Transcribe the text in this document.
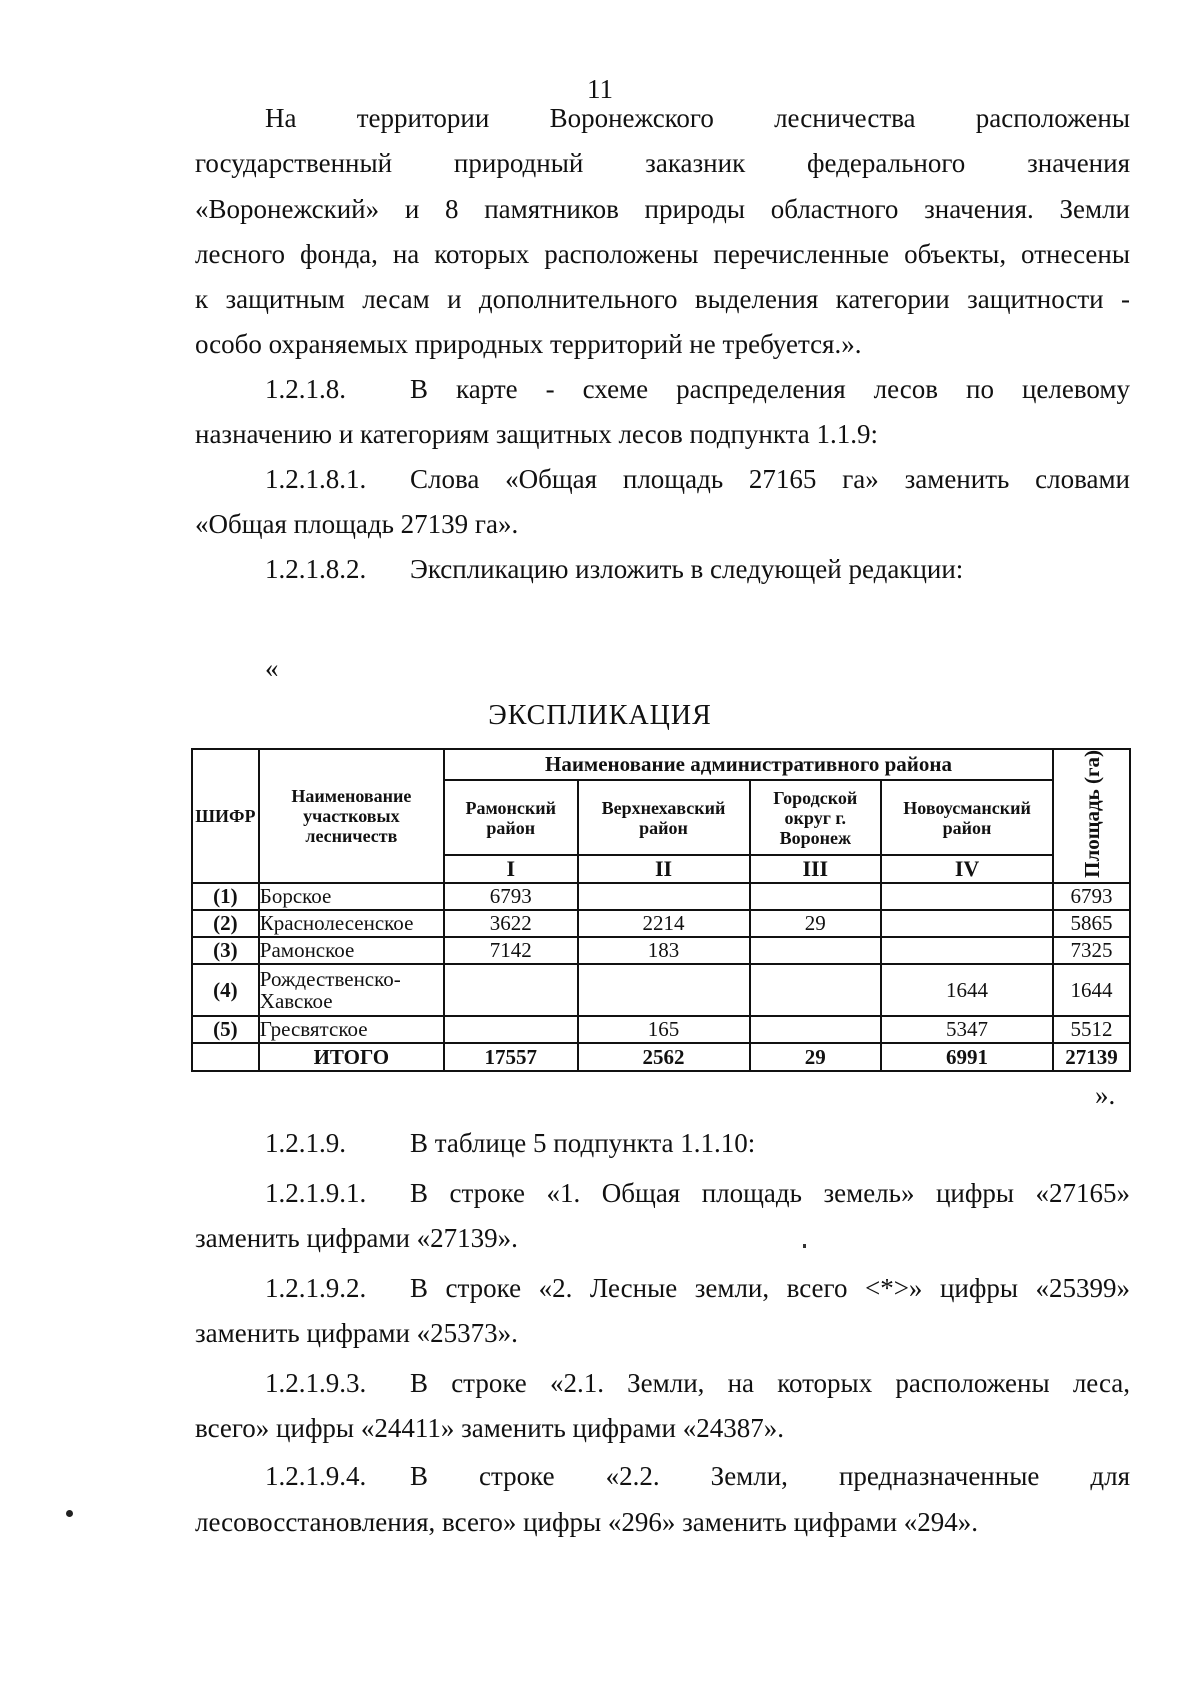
11
На территории Воронежского лесничества расположены
государственный природный заказник федерального значения
«Воронежский» и 8 памятников природы областного значения. Земли
лесного фонда, на которых расположены перечисленные объекты, отнесены
к защитным лесам и дополнительного выделения категории защитности -
особо охраняемых природных территорий не требуется.».
1.2.1.8.	В карте - схеме распределения лесов по целевому
назначению и категориям защитных лесов подпункта 1.1.9:
1.2.1.8.1.	Слова «Общая площадь 27165 га» заменить словами
«Общая площадь 27139 га».
1.2.1.8.2.	Экспликацию изложить в следующей редакции:
«
ЭКСПЛИКАЦИЯ
ШИФР	Наименование участковых лесничеств	Наименование административного района				Площадь (га)
		Рамонский район	Верхнехавский район	Городской округ г. Воронеж	Новоусманский район	
		I	II	III	IV	
(1)	Борское	6793				6793
(2)	Краснолесенское	3622	2214	29		5865
(3)	Рамонское	7142	183			7325
(4)	Рождественско-Хавское				1644	1644
(5)	Гресвятское		165		5347	5512
	ИТОГО	17557	2562	29	6991	27139
».
1.2.1.9.	В таблице 5 подпункта 1.1.10:
1.2.1.9.1.	В строке «1. Общая площадь земель» цифры «27165»
заменить цифрами «27139».
1.2.1.9.2.	В строке «2. Лесные земли, всего <*>» цифры «25399»
заменить цифрами «25373».
1.2.1.9.3.	В строке «2.1. Земли, на которых расположены леса,
всего» цифры «24411» заменить цифрами «24387».
1.2.1.9.4.	В строке «2.2. Земли, предназначенные для
лесовосстановления, всего» цифры «296» заменить цифрами «294».
